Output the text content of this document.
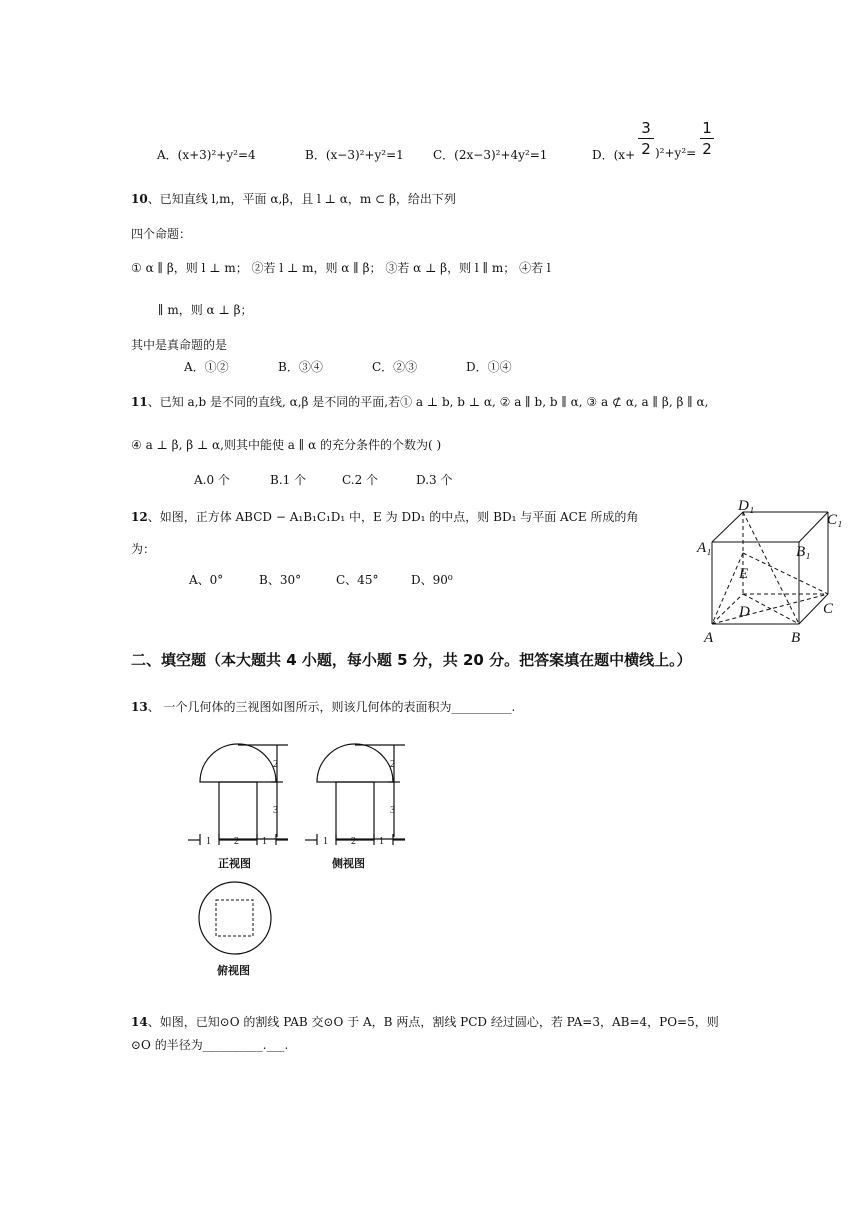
A．(x+3)²+y²=4	B．(x−3)²+y²=1 C．(2x−3)²+4y²=1	D．$(x+ \frac{3}{2} )^2+y^2= \frac{1}{2}$
10、已知直线 l,m，平面 α,β，且 l ⊥ α，m ⊂ β，给出下列
四个命题：
① α ∥ β，则 l ⊥ m； ②若 l ⊥ m，则 α ∥ β； ③若 α ⊥ β，则 l ∥ m； ④若 l
∥ m，则 α ⊥ β；
其中是真命题的是
A．①②	B．③④	C．②③	D．①④
11、已知 a,b 是不同的直线, α,β 是不同的平面,若① a ⊥ b, b ⊥ α, ② a ∥ b, b ∥ α, ③ a ⊄ α, a ∥ β, β ∥ α,
④ a ⊥ β, β ⊥ α,则其中能使 a ∥ α 的充分条件的个数为( )
A.0 个	B.1 个	C.2 个	D.3 个
12、如图，正方体 ABCD − A₁B₁C₁D₁ 中，E 为 DD₁ 的中点，则 BD₁ 与平面 ACE 所成的角
为：
A、0°	B、30°	C、45°	D、90⁰
D₁
C₁
A₁	B₁
E
D	C
A	B
二、填空题（本大题共 4 小题，每小题 5 分，共 20 分。把答案填在题中横线上。）
13、 一个几何体的三视图如图所示，则该几何体的表面积为__________.
2
3
1 2 1
正视图
2
3
1 2 1
侧视图
俯视图
14、如图，已知⊙O 的割线 PAB 交⊙O 于 A，B 两点，割线 PCD 经过圆心，若 PA=3，AB=4，PO=5，则
⊙O 的半径为__________.___.
